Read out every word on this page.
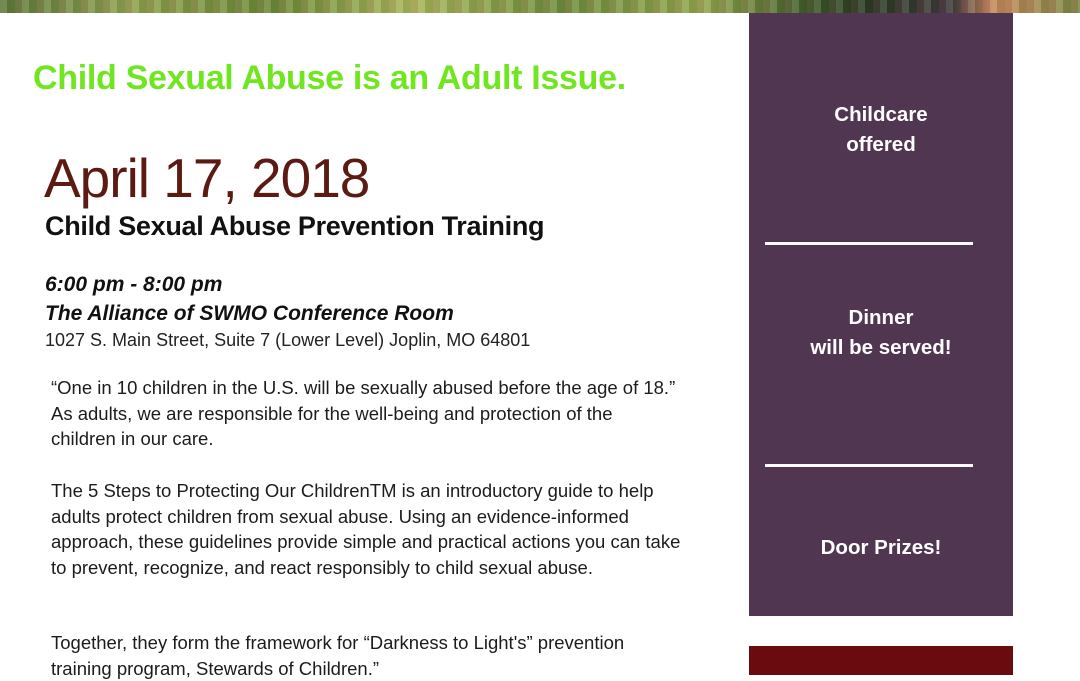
Child Sexual Abuse is an Adult Issue.
April 17, 2018
Child Sexual Abuse Prevention Training
6:00 pm - 8:00 pm
The Alliance of SWMO Conference Room
1027 S. Main Street, Suite 7 (Lower Level) Joplin, MO 64801

“One in 10 children in the U.S. will be sexually abused before the age of 18.” As adults, we are responsible for the well-being and protection of the children in our care.

The 5 Steps to Protecting Our ChildrenTM is an introductory guide to help adults protect children from sexual abuse. Using an evidence-informed approach, these guidelines provide simple and practical actions you can take to prevent, recognize, and react responsibly to child sexual abuse.

Together, they form the framework for “Darkness to Light's” prevention training program, Stewards of Children.”

Childcare
offered
Dinner
will be served!
Door Prizes!
